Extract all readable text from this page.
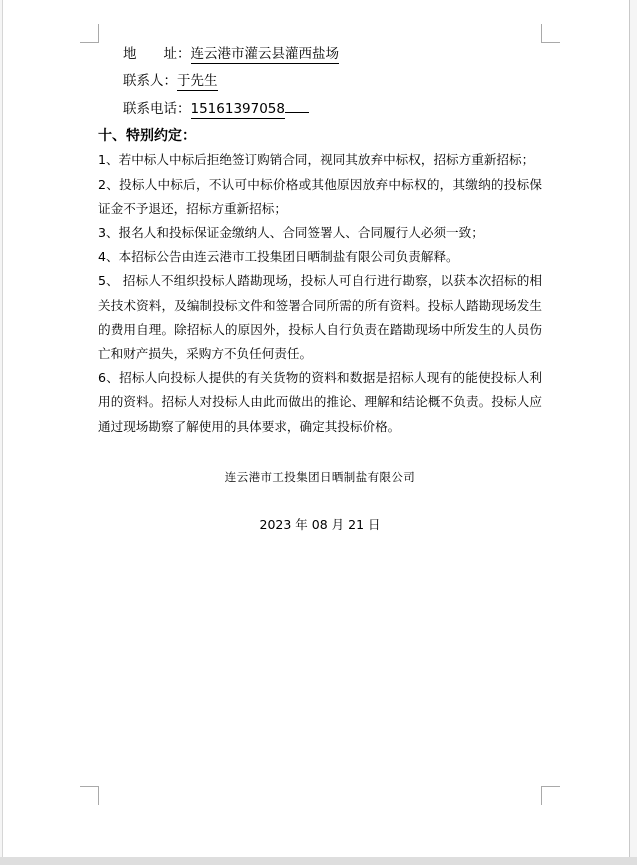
地　　址：连云港市灌云县灌西盐场
联系人：于先生
联系电话：15161397058
十、特别约定：

1、若中标人中标后拒绝签订购销合同，视同其放弃中标权，招标方重新招标；

2、投标人中标后，不认可中标价格或其他原因放弃中标权的，其缴纳的投标保证金不予退还，招标方重新招标；

3、报名人和投标保证金缴纳人、合同签署人、合同履行人必须一致；

4、本招标公告由连云港市工投集团日晒制盐有限公司负责解释。

5、 招标人不组织投标人踏勘现场，投标人可自行进行勘察，以获本次招标的相关技术资料，及编制投标文件和签署合同所需的所有资料。投标人踏勘现场发生的费用自理。除招标人的原因外，投标人自行负责在踏勘现场中所发生的人员伤亡和财产损失，采购方不负任何责任。

6、招标人向投标人提供的有关货物的资料和数据是招标人现有的能使投标人利用的资料。招标人对投标人由此而做出的推论、理解和结论概不负责。投标人应通过现场勘察了解使用的具体要求，确定其投标价格。

连云港市工投集团日晒制盐有限公司
2023 年 08 月 21 日
